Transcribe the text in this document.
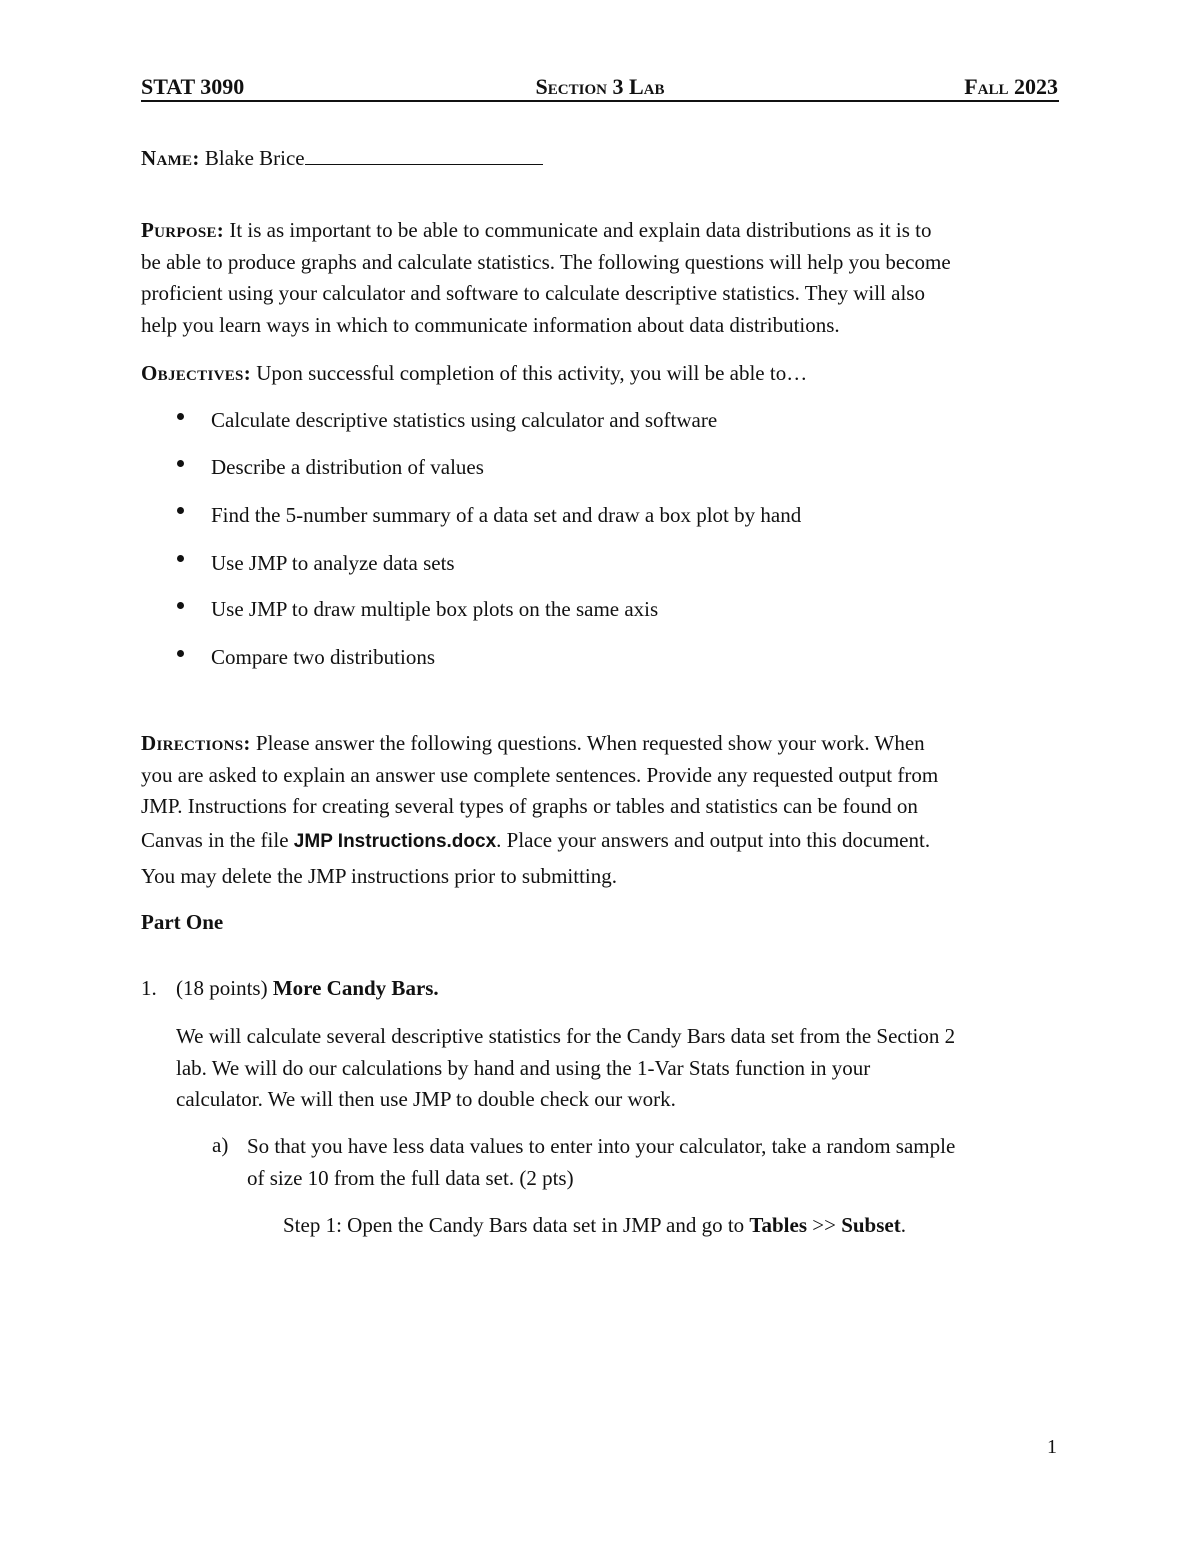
STAT 3090	Section 3 Lab	Fall 2023
Name: Blake Brice
Purpose: It is as important to be able to communicate and explain data distributions as it is to
be able to produce graphs and calculate statistics. The following questions will help you become
proficient using your calculator and software to calculate descriptive statistics. They will also
help you learn ways in which to communicate information about data distributions.
Objectives: Upon successful completion of this activity, you will be able to…
Calculate descriptive statistics using calculator and software
Describe a distribution of values
Find the 5-number summary of a data set and draw a box plot by hand
Use JMP to analyze data sets
Use JMP to draw multiple box plots on the same axis
Compare two distributions
Directions: Please answer the following questions. When requested show your work. When
you are asked to explain an answer use complete sentences. Provide any requested output from
JMP. Instructions for creating several types of graphs or tables and statistics can be found on
Canvas in the file JMP Instructions.docx. Place your answers and output into this document.
You may delete the JMP instructions prior to submitting.
Part One
1. (18 points) More Candy Bars.
We will calculate several descriptive statistics for the Candy Bars data set from the Section 2
lab. We will do our calculations by hand and using the 1-Var Stats function in your
calculator. We will then use JMP to double check our work.
a) So that you have less data values to enter into your calculator, take a random sample
of size 10 from the full data set. (2 pts)
Step 1: Open the Candy Bars data set in JMP and go to Tables >> Subset.
1
